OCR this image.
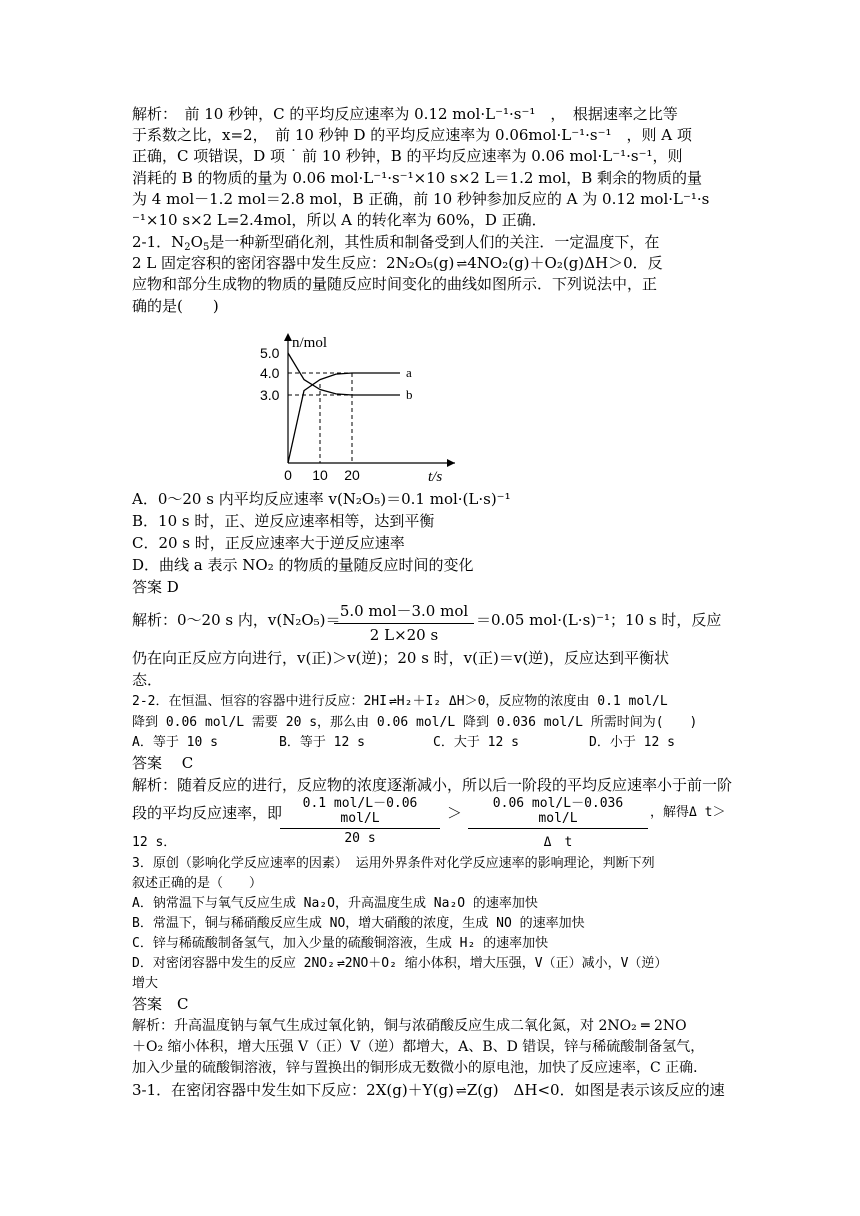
解析：　前 10 秒钟，C 的平均反应速率为 0.12 mol·L⁻¹·s⁻¹　，　根据速率之比等
于系数之比，x=2，　前 10 秒钟 D 的平均反应速率为 0.06mol·L⁻¹·s⁻¹　，则 A 项
正确，C 项错误，D 项 ˙ 前 10 秒钟，B 的平均反应速率为 0.06 mol·L⁻¹·s⁻¹，则
消耗的 B 的物质的量为 0.06 mol·L⁻¹·s⁻¹×10 s×2 L＝1.2 mol，B 剩余的物质的量
为 4 mol－1.2 mol＝2.8 mol，B 正确，前 10 秒钟参加反应的 A 为 0.12 mol·L⁻¹·s
⁻¹×10 s×2 L=2.4mol，所以 A 的转化率为 60%，D 正确．
2-1．$N_2O_5$是一种新型硝化剂，其性质和制备受到人们的关注．一定温度下，在
2 L 固定容积的密闭容器中发生反应：2N₂O₅(g) ⇌ 4NO₂(g)＋O₂(g)ΔH＞0．反
应物和部分生成物的物质的量随反应时间变化的曲线如图所示．下列说法中，正
确的是(　　)
a
b
5.0
4.0
3.0
0 10 20
n/mol
t/s
A．0～20 s 内平均反应速率 v(N₂O₅)＝0.1 mol·(L·s)⁻¹
B．10 s 时，正、逆反应速率相等，达到平衡
C．20 s 时，正反应速率大于逆反应速率
D．曲线 a 表示 NO₂ 的物质的量随反应时间的变化
答案 D
解析：0～20 s 内，v(N₂O₅)＝ 5.0 mol－3.0 mol
2 L×20 s
＝0.05 mol·(L·s)⁻¹；10 s 时，反应
仍在向正反应方向进行，v(正)＞v(逆)；20 s 时，v(正)＝v(逆)，反应达到平衡状
态．
2-2．在恒温、恒容的容器中进行反应：2HI ⇌ H₂＋I₂ ΔH＞0，反应物的浓度由 0.1 mol/L
降到 0.06 mol/L 需要 20 s，那么由 0.06 mol/L 降到 0.036 mol/L 所需时间为(　　)
A．等于 10 s	B．等于 12 s	C．大于 12 s	D．小于 12 s
答案　 C
解析：随着反应的进行，反应物的浓度逐渐减小，所以后一阶段的平均反应速率小于前一阶
段的平均反应速率，即
0.1 mol/L－0.06 mol/L
20 s
＞
0.06 mol/L－0.036 mol/L
Δ　t
，解得Δ t＞
12 s．
3．原创（影响化学反应速率的因素） 运用外界条件对化学反应速率的影响理论，判断下列
叙述正确的是（　　）
A．钠常温下与氧气反应生成 Na₂O，升高温度生成 Na₂O 的速率加快
B．常温下，铜与稀硝酸反应生成 NO，增大硝酸的浓度，生成 NO 的速率加快
C．锌与稀硫酸制备氢气，加入少量的硫酸铜溶液，生成 H₂ 的速率加快
D．对密闭容器中发生的反应 2NO₂ ⇌ 2NO＋O₂ 缩小体积，增大压强，V（正）减小，V（逆）
增大
答案　C
解析：升高温度钠与氧气生成过氧化钠，铜与浓硝酸反应生成二氧化氮，对 2NO₂ ═ 2NO
＋O₂ 缩小体积，增大压强 V（正）V（逆）都增大，A、B、D 错误，锌与稀硫酸制备氢气，
加入少量的硫酸铜溶液，锌与置换出的铜形成无数微小的原电池，加快了反应速率，C 正确．
3-1．在密闭容器中发生如下反应：2X(g)＋Y(g) ⇌ Z(g)　ΔH<0．如图是表示该反应的速
